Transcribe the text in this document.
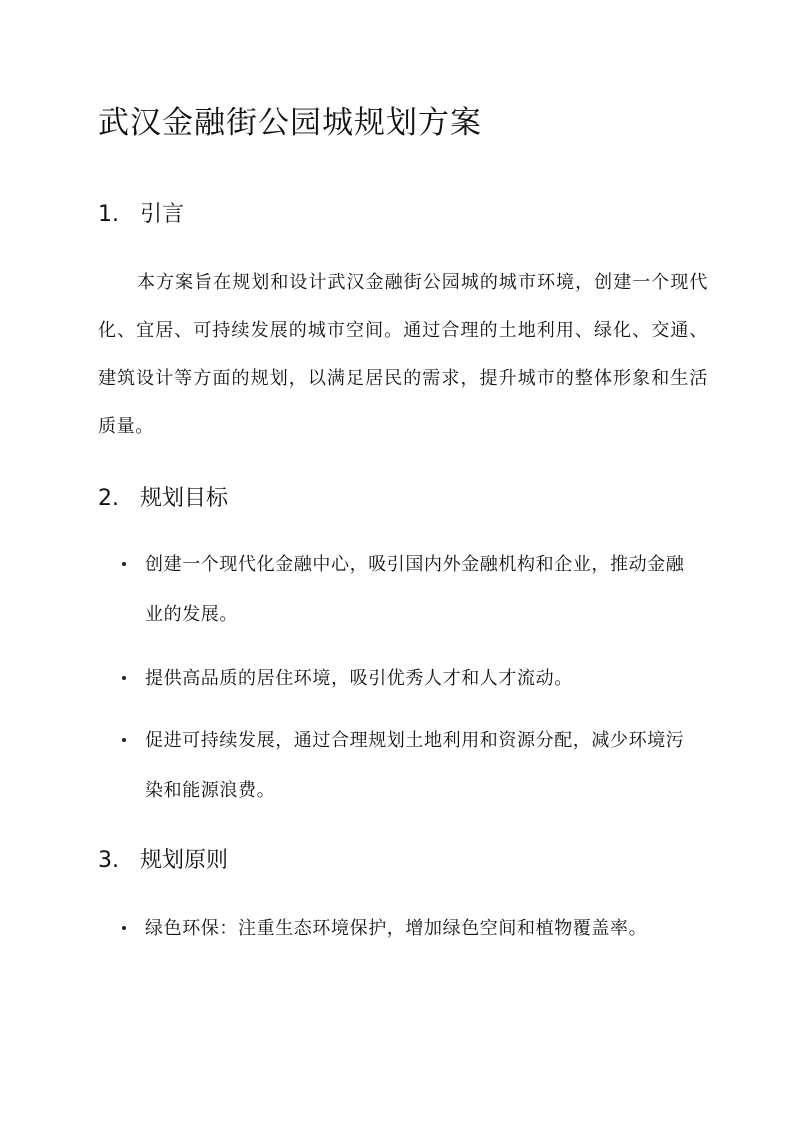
武汉金融街公园城规划方案
1. 引言

本方案旨在规划和设计武汉金融街公园城的城市环境，创建一个现代化、宜居、可持续发展的城市空间。通过合理的土地利用、绿化、交通、建筑设计等方面的规划，以满足居民的需求，提升城市的整体形象和生活质量。

2. 规划目标

创建一个现代化金融中心，吸引国内外金融机构和企业，推动金融业的发展。

提供高品质的居住环境，吸引优秀人才和人才流动。

促进可持续发展，通过合理规划土地利用和资源分配，减少环境污染和能源浪费。

3. 规划原则

绿色环保：注重生态环境保护，增加绿色空间和植物覆盖率。
